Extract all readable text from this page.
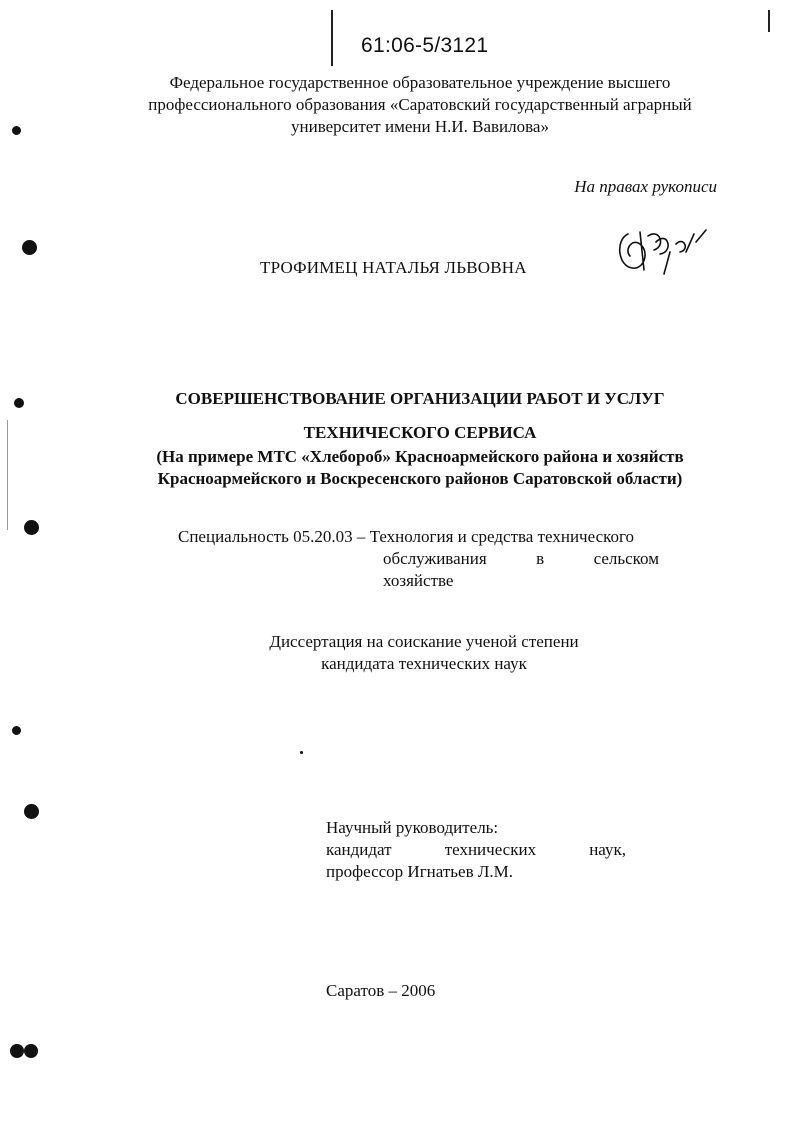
61:06-5/3121
Федеральное государственное образовательное учреждение высшего
профессионального образования «Саратовский государственный аграрный
университет имени Н.И. Вавилова»
На правах рукописи
ТРОФИМЕЦ НАТАЛЬЯ ЛЬВОВНА
СОВЕРШЕНСТВОВАНИЕ ОРГАНИЗАЦИИ РАБОТ И УСЛУГ
ТЕХНИЧЕСКОГО СЕРВИСА
(На примере МТС «Хлебороб» Красноармейского района и хозяйств
Красноармейского и Воскресенского районов Саратовской области)
Специальность 05.20.03 – Технология и средства технического
обслуживания в сельском
хозяйстве
Диссертация на соискание ученой степени
кандидата технических наук
Научный руководитель:
кандидат технических наук,
профессор Игнатьев Л.М.
Саратов – 2006
